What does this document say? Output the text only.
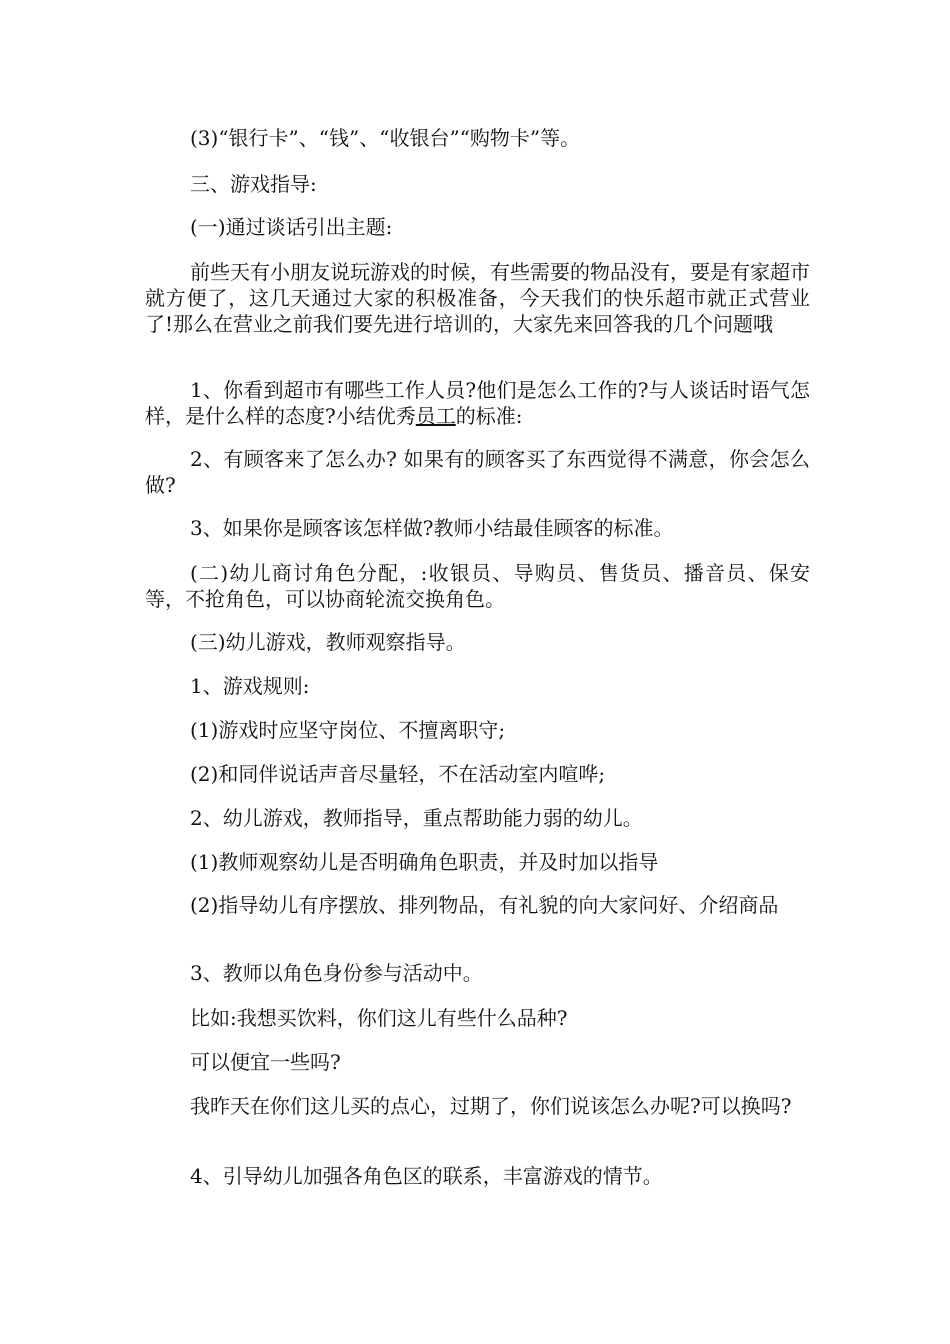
(3)“银行卡”、“钱”、“收银台”“购物卡”等。

三、游戏指导:

(一)通过谈话引出主题:

前些天有小朋友说玩游戏的时候，有些需要的物品没有，要是有家超市就方便了，这几天通过大家的积极准备，今天我们的快乐超市就正式营业了!那么在营业之前我们要先进行培训的，大家先来回答我的几个问题哦

1、你看到超市有哪些工作人员?他们是怎么工作的?与人谈话时语气怎样，是什么样的态度?小结优秀员工的标准:

2、有顾客来了怎么办? 如果有的顾客买了东西觉得不满意，你会怎么做?

3、如果你是顾客该怎样做?教师小结最佳顾客的标准。

(二)幼儿商讨角色分配，:收银员、导购员、售货员、播音员、保安等，不抢角色，可以协商轮流交换角色。

(三)幼儿游戏，教师观察指导。

1、游戏规则:

(1)游戏时应坚守岗位、不擅离职守;

(2)和同伴说话声音尽量轻，不在活动室内喧哗;

2、幼儿游戏，教师指导，重点帮助能力弱的幼儿。

(1)教师观察幼儿是否明确角色职责，并及时加以指导

(2)指导幼儿有序摆放、排列物品，有礼貌的向大家问好、介绍商品

3、教师以角色身份参与活动中。

比如:我想买饮料，你们这儿有些什么品种?

可以便宜一些吗?

我昨天在你们这儿买的点心，过期了，你们说该怎么办呢?可以换吗?

4、引导幼儿加强各角色区的联系，丰富游戏的情节。
